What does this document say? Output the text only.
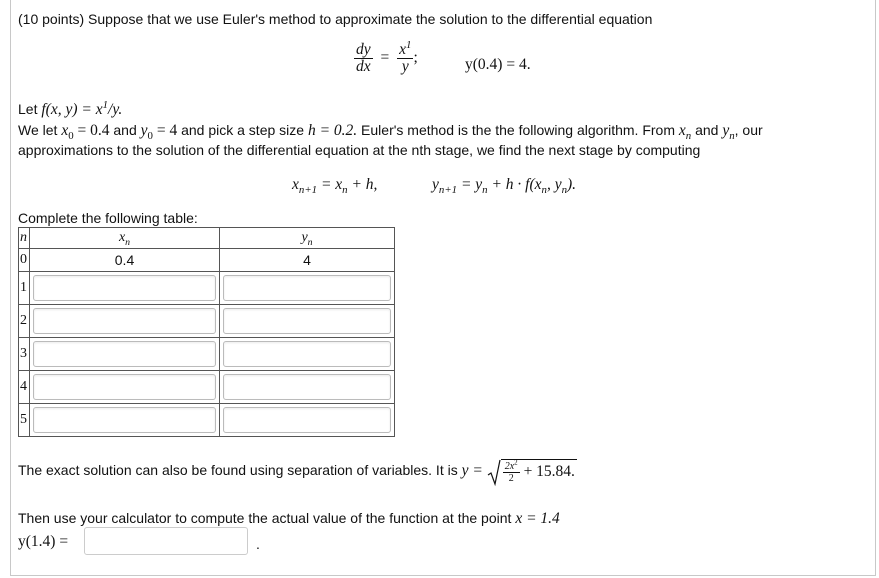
(10 points) Suppose that we use Euler's method to approximate the solution to the differential equation
$\frac{dy}{dx} = \frac{x^1}{y}$ ;	y(0.4) = 4.
Let f(x, $y) = x^1/y$.
We let $x_0 = 0.4$ and $y_0 = 4$ and pick a step size h = 0.2. Euler's method is the the following algorithm. From $x_n$ and $y_n$, our
approximations to the solution of the differential equation at the nth stage, we find the next stage by computing
$x_{n+1} = x_n + h$,	$y_{n+1} = y_n + h \cdot f(x_n$, $y_n$).
Complete the following table:
n	$x_n$	$y_n$
0	0.4	4
1	

2	

3	

4	

5	

The exact solution can also be found using separation of variables. It is $y = \frac{2x^2}{2} + 15.84$.
Then use your calculator to compute the actual value of the function at the point x = 1.4
y(1.4) =	.
